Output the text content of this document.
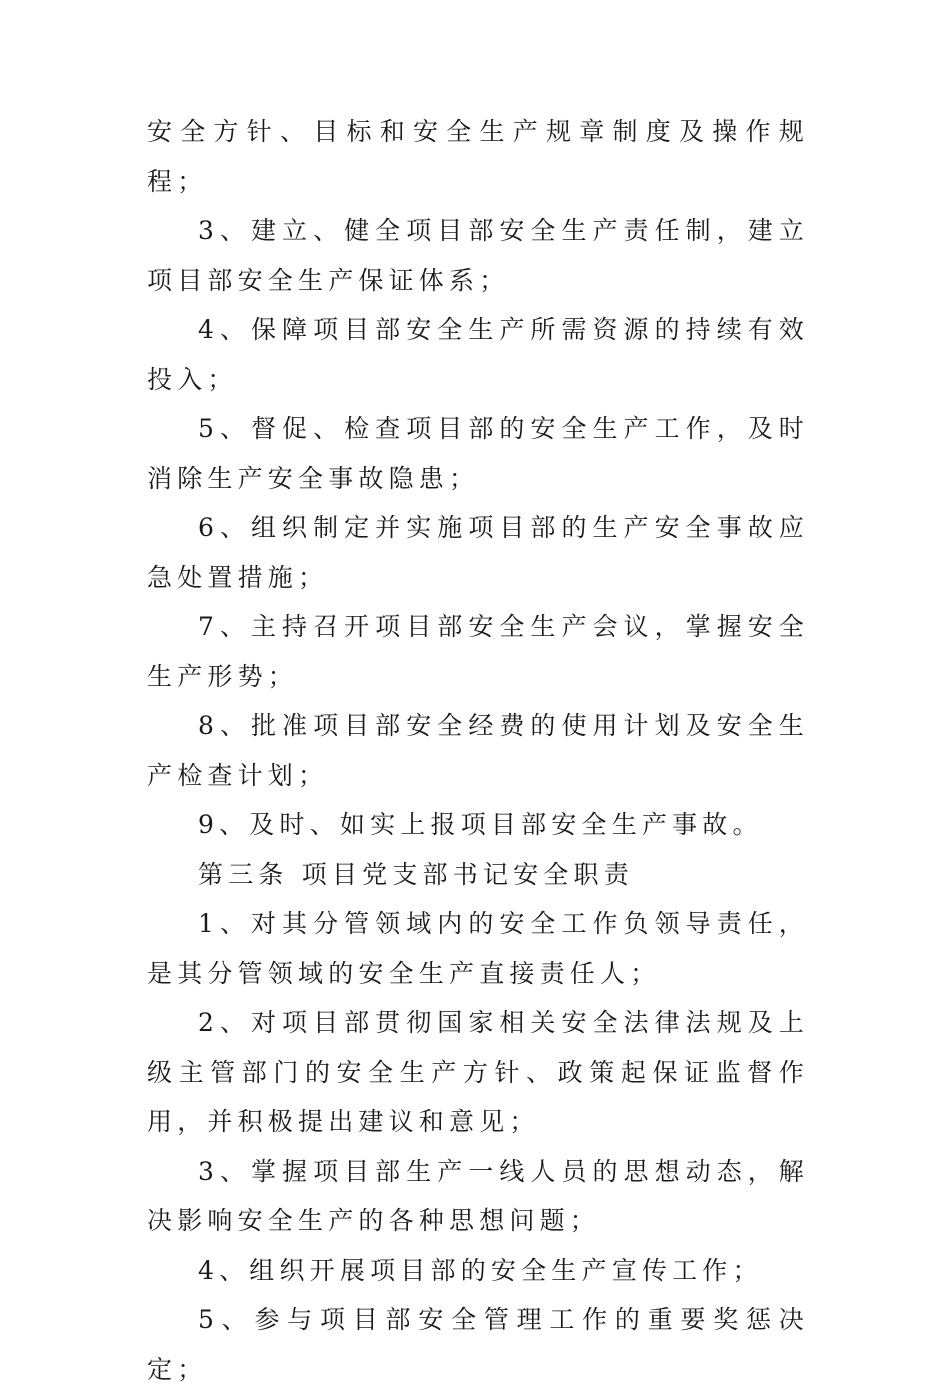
安全方针、目标和安全生产规章制度及操作规程；

3、建立、健全项目部安全生产责任制，建立项目部安全生产保证体系；

4、保障项目部安全生产所需资源的持续有效投入；

5、督促、检查项目部的安全生产工作，及时消除生产安全事故隐患；

6、组织制定并实施项目部的生产安全事故应急处置措施；

7、主持召开项目部安全生产会议，掌握安全生产形势；

8、批准项目部安全经费的使用计划及安全生产检查计划；

9、及时、如实上报项目部安全生产事故。

第三条 项目党支部书记安全职责

1、对其分管领域内的安全工作负领导责任，是其分管领域的安全生产直接责任人；

2、对项目部贯彻国家相关安全法律法规及上级主管部门的安全生产方针、政策起保证监督作用，并积极提出建议和意见；

3、掌握项目部生产一线人员的思想动态，解决影响安全生产的各种思想问题；

4、组织开展项目部的安全生产宣传工作；

5、参与项目部安全管理工作的重要奖惩决定；
